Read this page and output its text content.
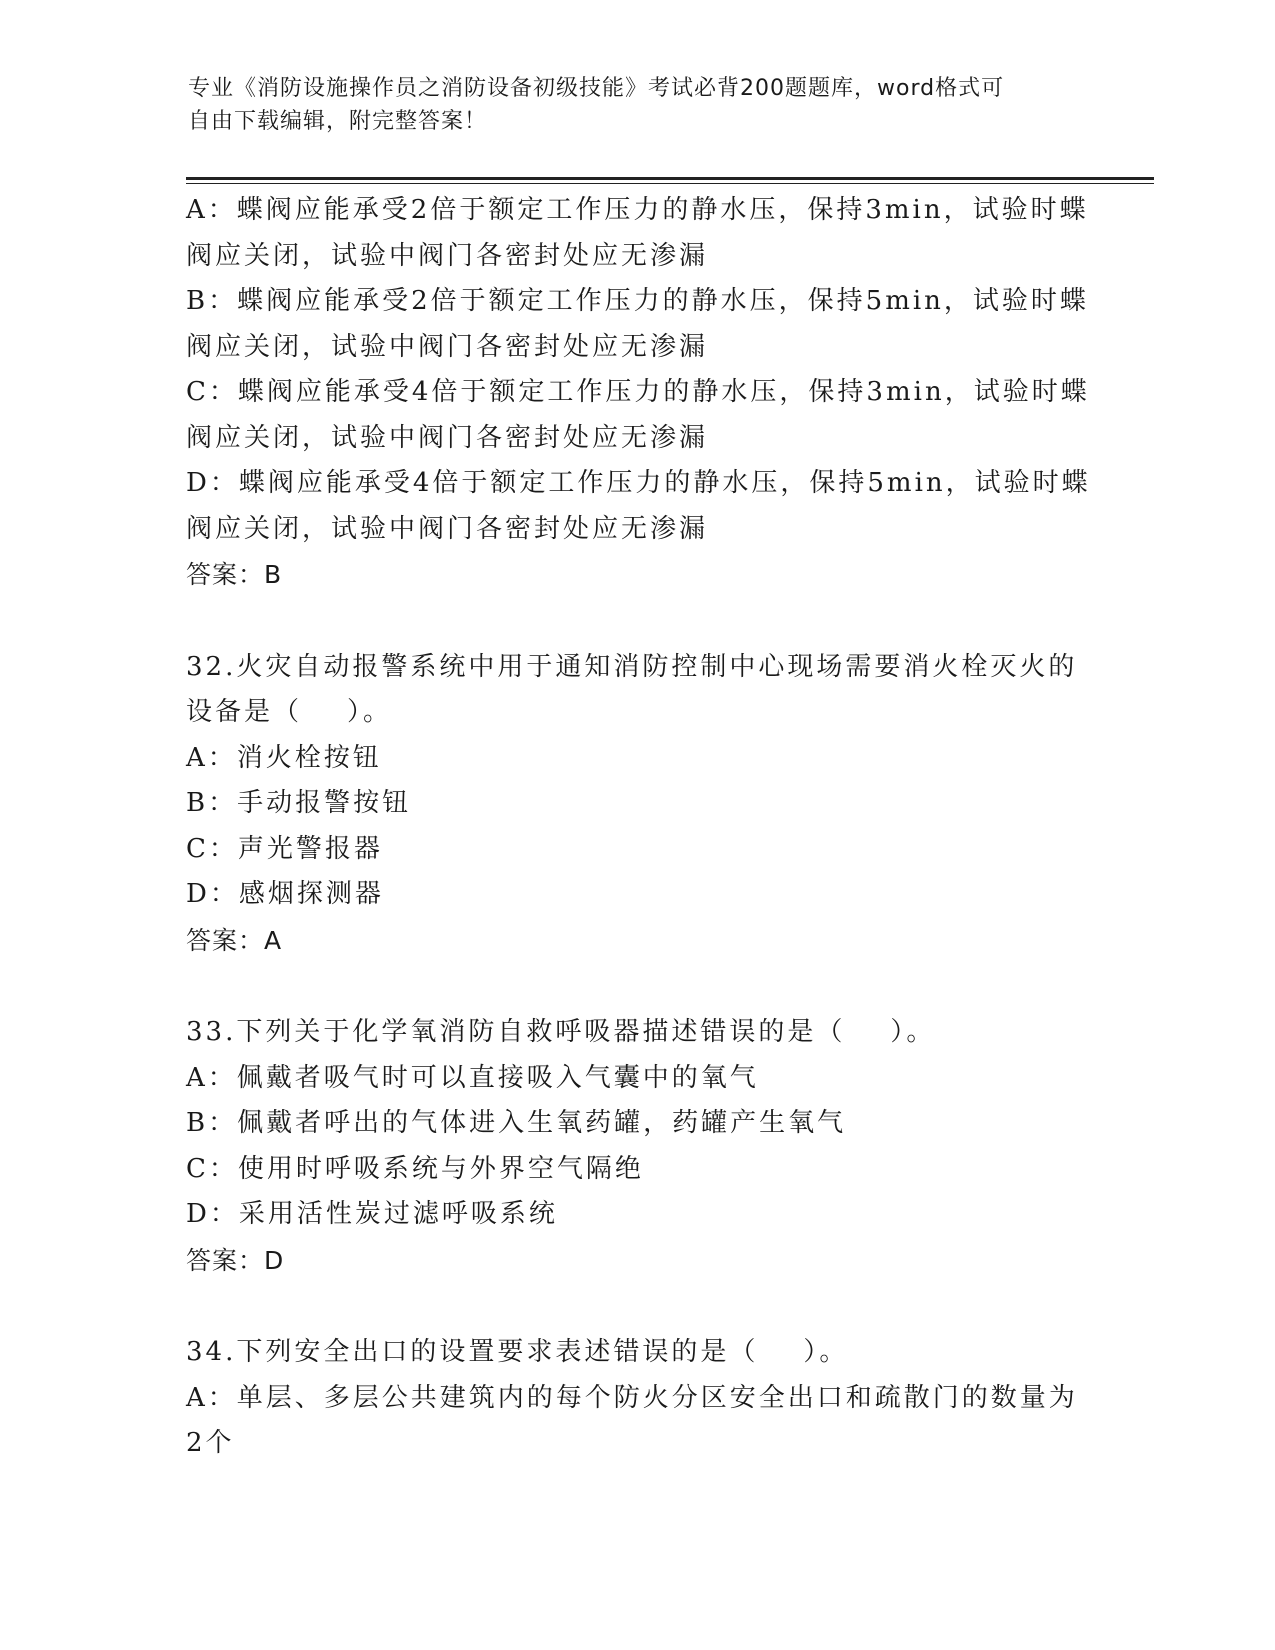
专业《消防设施操作员之消防设备初级技能》考试必背200题题库，word格式可
自由下载编辑，附完整答案！
A：蝶阀应能承受2倍于额定工作压力的静水压，保持3min，试验时蝶
阀应关闭，试验中阀门各密封处应无渗漏
B：蝶阀应能承受2倍于额定工作压力的静水压，保持5min，试验时蝶
阀应关闭，试验中阀门各密封处应无渗漏
C：蝶阀应能承受4倍于额定工作压力的静水压，保持3min，试验时蝶
阀应关闭，试验中阀门各密封处应无渗漏
D：蝶阀应能承受4倍于额定工作压力的静水压，保持5min，试验时蝶
阀应关闭，试验中阀门各密封处应无渗漏
答案：B
32.火灾自动报警系统中用于通知消防控制中心现场需要消火栓灭火的
设备是（    ）。
A：消火栓按钮
B：手动报警按钮
C：声光警报器
D：感烟探测器
答案：A
33.下列关于化学氧消防自救呼吸器描述错误的是（    ）。
A：佩戴者吸气时可以直接吸入气囊中的氧气
B：佩戴者呼出的气体进入生氧药罐，药罐产生氧气
C：使用时呼吸系统与外界空气隔绝
D：采用活性炭过滤呼吸系统
答案：D
34.下列安全出口的设置要求表述错误的是（    ）。
A：单层、多层公共建筑内的每个防火分区安全出口和疏散门的数量为
2个
